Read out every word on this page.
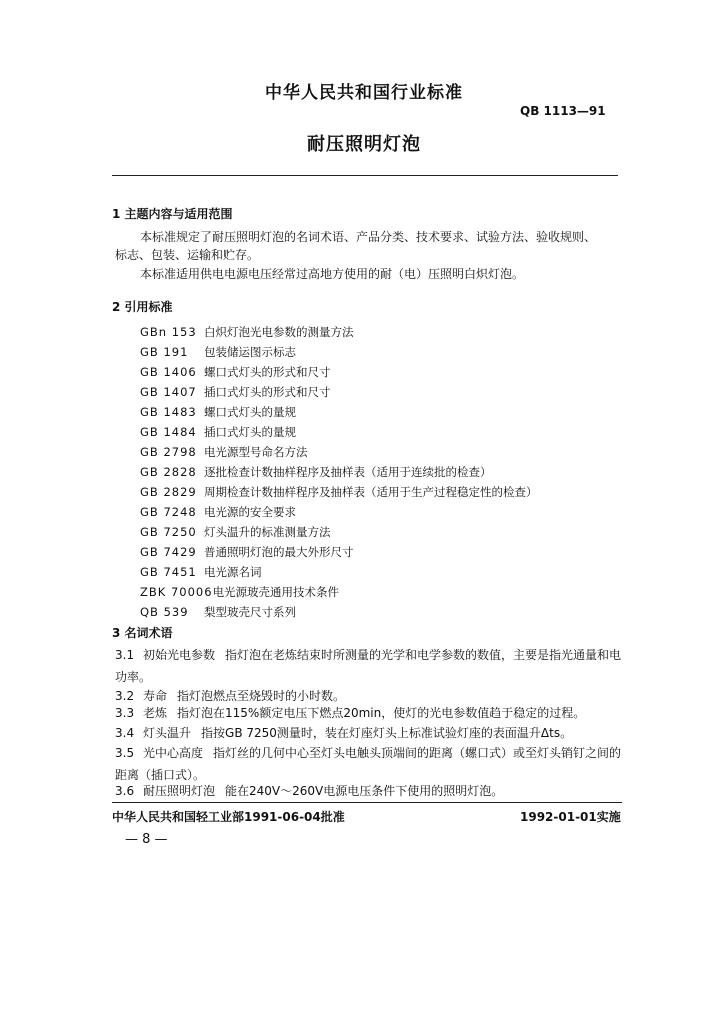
中华人民共和国行业标准
QB 1113—91
耐压照明灯泡
1 主题内容与适用范围
本标准规定了耐压照明灯泡的名词术语、产品分类、技术要求、试验方法、验收规则、
标志、包装、运输和贮存。
本标准适用供电电源电压经常过高地方使用的耐（电）压照明白炽灯泡。
2 引用标准
GBn 153 白炽灯泡光电参数的测量方法
GB 191 包装储运图示标志
GB 1406 螺口式灯头的形式和尺寸
GB 1407 插口式灯头的形式和尺寸
GB 1483 螺口式灯头的量规
GB 1484 插口式灯头的量规
GB 2798 电光源型号命名方法
GB 2828 逐批检查计数抽样程序及抽样表（适用于连续批的检查）
GB 2829 周期检查计数抽样程序及抽样表（适用于生产过程稳定性的检查）
GB 7248 电光源的安全要求
GB 7250 灯头温升的标准测量方法
GB 7429 普通照明灯泡的最大外形尺寸
GB 7451 电光源名词
ZBK 70006电光源玻壳通用技术条件
QB 539 梨型玻壳尺寸系列
3 名词术语
3.1 初始光电参数 指灯泡在老炼结束时所测量的光学和电学参数的数值，主要是指光通量和电功率。
3.2 寿命 指灯泡燃点至烧毁时的小时数。
3.3 老炼 指灯泡在115%额定电压下燃点20min，使灯的光电参数值趋于稳定的过程。
3.4 灯头温升 指按GB 7250测量时，装在灯座灯头上标准试验灯座的表面温升Δts。
3.5 光中心高度 指灯丝的几何中心至灯头电触头顶端间的距离（螺口式）或至灯头销钉之间的距离（插口式）。
3.6 耐压照明灯泡 能在240V～260V电源电压条件下使用的照明灯泡。
中华人民共和国轻工业部1991-06-04批准	1992-01-01实施
— 8 —
